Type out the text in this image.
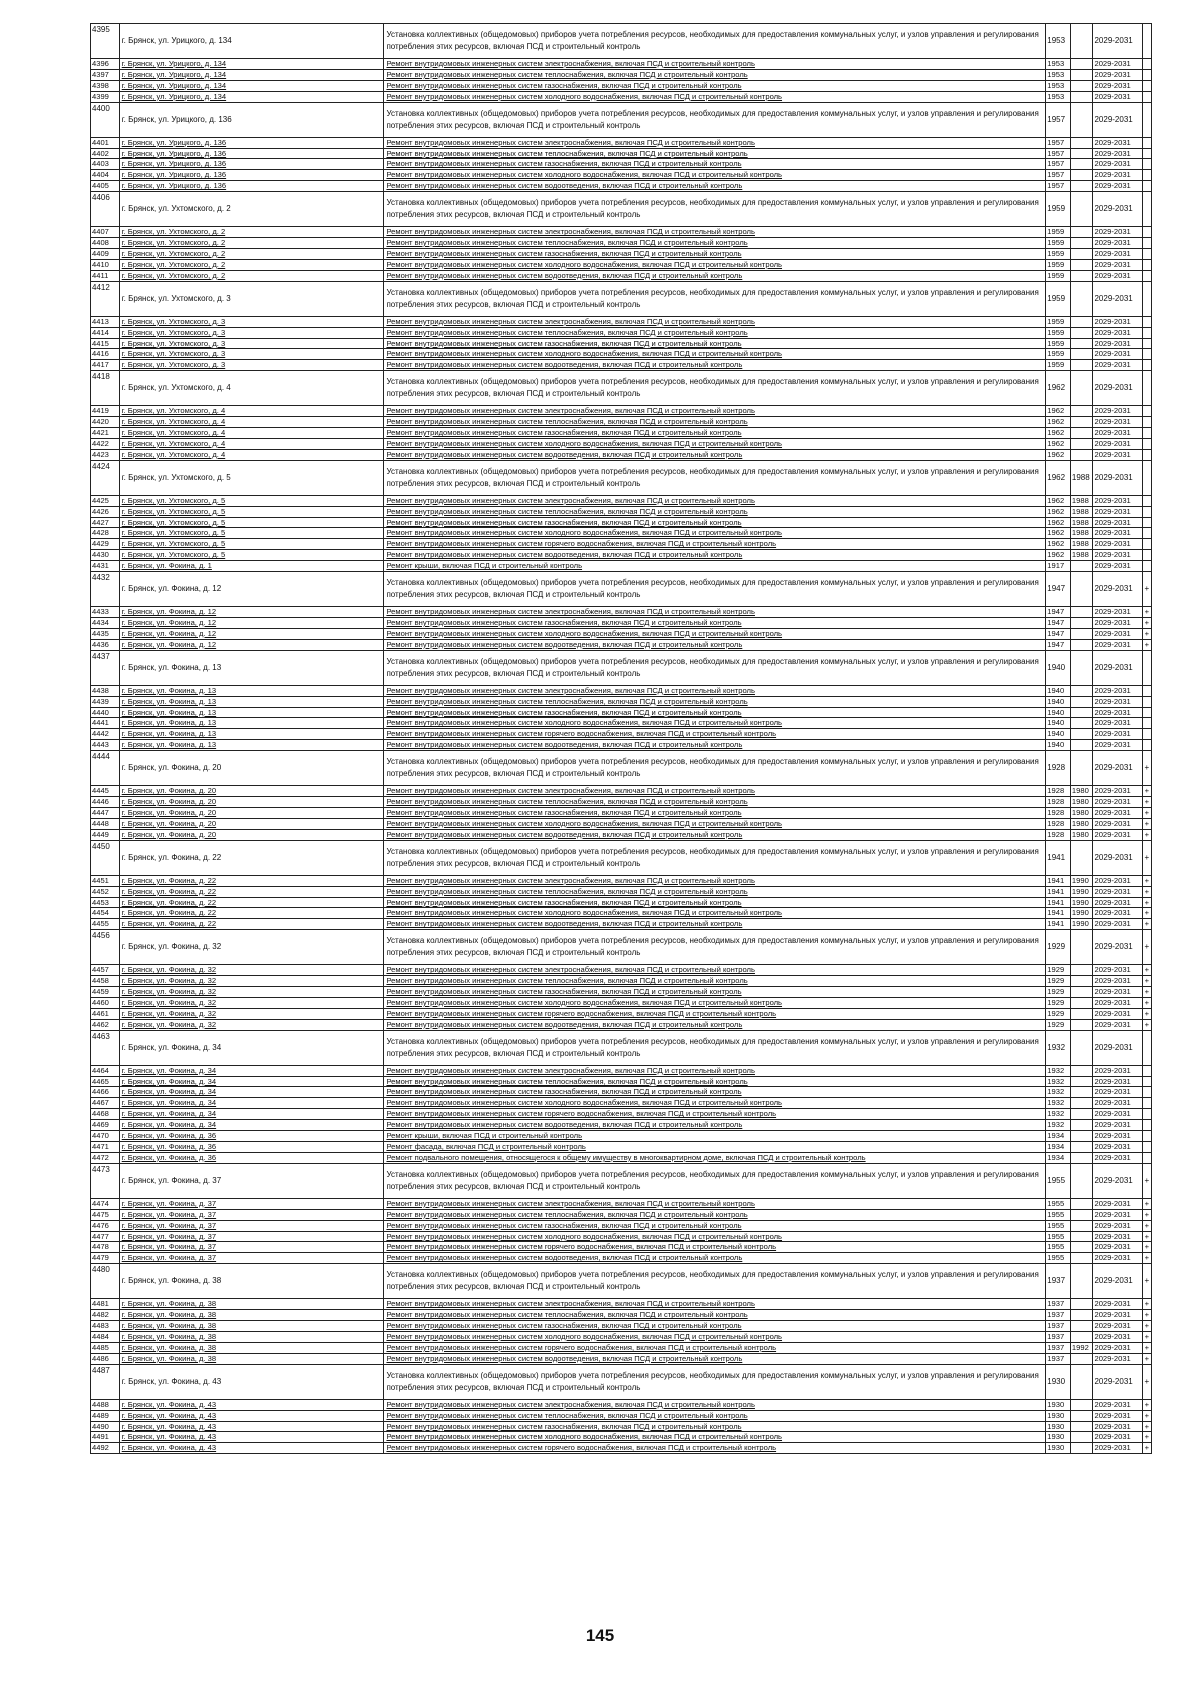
4395	г. Брянск, ул. Урицкого, д. 134	Установка коллективных (общедомовых) приборов учета потребления ресурсов, необходимых для предоставления коммунальных услуг, и узлов управления и регулирования потребления этих ресурсов, включая ПСД и строительный контроль	1953		2029-2031	
4396	г. Брянск, ул. Урицкого, д. 134	Ремонт внутридомовых инженерных систем электроснабжения, включая ПСД и строительный контроль	1953		2029-2031	
4397	г. Брянск, ул. Урицкого, д. 134	Ремонт внутридомовых инженерных систем теплоснабжения, включая ПСД и строительный контроль	1953		2029-2031	
4398	г. Брянск, ул. Урицкого, д. 134	Ремонт внутридомовых инженерных систем газоснабжения, включая ПСД и строительный контроль	1953		2029-2031	
4399	г. Брянск, ул. Урицкого, д. 134	Ремонт внутридомовых инженерных систем холодного водоснабжения, включая ПСД и строительный контроль	1953		2029-2031	
4400	г. Брянск, ул. Урицкого, д. 136	Установка коллективных (общедомовых) приборов учета потребления ресурсов, необходимых для предоставления коммунальных услуг, и узлов управления и регулирования потребления этих ресурсов, включая ПСД и строительный контроль	1957		2029-2031	
4401	г. Брянск, ул. Урицкого, д. 136	Ремонт внутридомовых инженерных систем электроснабжения, включая ПСД и строительный контроль	1957		2029-2031	
4402	г. Брянск, ул. Урицкого, д. 136	Ремонт внутридомовых инженерных систем теплоснабжения, включая ПСД и строительный контроль	1957		2029-2031	
4403	г. Брянск, ул. Урицкого, д. 136	Ремонт внутридомовых инженерных систем газоснабжения, включая ПСД и строительный контроль	1957		2029-2031	
4404	г. Брянск, ул. Урицкого, д. 136	Ремонт внутридомовых инженерных систем холодного водоснабжения, включая ПСД и строительный контроль	1957		2029-2031	
4405	г. Брянск, ул. Урицкого, д. 136	Ремонт внутридомовых инженерных систем водоотведения, включая ПСД и строительный контроль	1957		2029-2031	
4406	г. Брянск, ул. Ухтомского, д. 2	Установка коллективных (общедомовых) приборов учета потребления ресурсов, необходимых для предоставления коммунальных услуг, и узлов управления и регулирования потребления этих ресурсов, включая ПСД и строительный контроль	1959		2029-2031	
4407	г. Брянск, ул. Ухтомского, д. 2	Ремонт внутридомовых инженерных систем электроснабжения, включая ПСД и строительный контроль	1959		2029-2031	
4408	г. Брянск, ул. Ухтомского, д. 2	Ремонт внутридомовых инженерных систем теплоснабжения, включая ПСД и строительный контроль	1959		2029-2031	
4409	г. Брянск, ул. Ухтомского, д. 2	Ремонт внутридомовых инженерных систем газоснабжения, включая ПСД и строительный контроль	1959		2029-2031	
4410	г. Брянск, ул. Ухтомского, д. 2	Ремонт внутридомовых инженерных систем холодного водоснабжения, включая ПСД и строительный контроль	1959		2029-2031	
4411	г. Брянск, ул. Ухтомского, д. 2	Ремонт внутридомовых инженерных систем водоотведения, включая ПСД и строительный контроль	1959		2029-2031	
4412	г. Брянск, ул. Ухтомского, д. 3	Установка коллективных (общедомовых) приборов учета потребления ресурсов, необходимых для предоставления коммунальных услуг, и узлов управления и регулирования потребления этих ресурсов, включая ПСД и строительный контроль	1959		2029-2031	
4413	г. Брянск, ул. Ухтомского, д. 3	Ремонт внутридомовых инженерных систем электроснабжения, включая ПСД и строительный контроль	1959		2029-2031	
4414	г. Брянск, ул. Ухтомского, д. 3	Ремонт внутридомовых инженерных систем теплоснабжения, включая ПСД и строительный контроль	1959		2029-2031	
4415	г. Брянск, ул. Ухтомского, д. 3	Ремонт внутридомовых инженерных систем газоснабжения, включая ПСД и строительный контроль	1959		2029-2031	
4416	г. Брянск, ул. Ухтомского, д. 3	Ремонт внутридомовых инженерных систем холодного водоснабжения, включая ПСД и строительный контроль	1959		2029-2031	
4417	г. Брянск, ул. Ухтомского, д. 3	Ремонт внутридомовых инженерных систем водоотведения, включая ПСД и строительный контроль	1959		2029-2031	
4418	г. Брянск, ул. Ухтомского, д. 4	Установка коллективных (общедомовых) приборов учета потребления ресурсов, необходимых для предоставления коммунальных услуг, и узлов управления и регулирования потребления этих ресурсов, включая ПСД и строительный контроль	1962		2029-2031	
4419	г. Брянск, ул. Ухтомского, д. 4	Ремонт внутридомовых инженерных систем электроснабжения, включая ПСД и строительный контроль	1962		2029-2031	
4420	г. Брянск, ул. Ухтомского, д. 4	Ремонт внутридомовых инженерных систем теплоснабжения, включая ПСД и строительный контроль	1962		2029-2031	
4421	г. Брянск, ул. Ухтомского, д. 4	Ремонт внутридомовых инженерных систем газоснабжения, включая ПСД и строительный контроль	1962		2029-2031	
4422	г. Брянск, ул. Ухтомского, д. 4	Ремонт внутридомовых инженерных систем холодного водоснабжения, включая ПСД и строительный контроль	1962		2029-2031	
4423	г. Брянск, ул. Ухтомского, д. 4	Ремонт внутридомовых инженерных систем водоотведения, включая ПСД и строительный контроль	1962		2029-2031	
4424	г. Брянск, ул. Ухтомского, д. 5	Установка коллективных (общедомовых) приборов учета потребления ресурсов, необходимых для предоставления коммунальных услуг, и узлов управления и регулирования потребления этих ресурсов, включая ПСД и строительный контроль	1962	1988	2029-2031	
4425	г. Брянск, ул. Ухтомского, д. 5	Ремонт внутридомовых инженерных систем электроснабжения, включая ПСД и строительный контроль	1962	1988	2029-2031	
4426	г. Брянск, ул. Ухтомского, д. 5	Ремонт внутридомовых инженерных систем теплоснабжения, включая ПСД и строительный контроль	1962	1988	2029-2031	
4427	г. Брянск, ул. Ухтомского, д. 5	Ремонт внутридомовых инженерных систем газоснабжения, включая ПСД и строительный контроль	1962	1988	2029-2031	
4428	г. Брянск, ул. Ухтомского, д. 5	Ремонт внутридомовых инженерных систем холодного водоснабжения, включая ПСД и строительный контроль	1962	1988	2029-2031	
4429	г. Брянск, ул. Ухтомского, д. 5	Ремонт внутридомовых инженерных систем горячего водоснабжения, включая ПСД и строительный контроль	1962	1988	2029-2031	
4430	г. Брянск, ул. Ухтомского, д. 5	Ремонт внутридомовых инженерных систем водоотведения, включая ПСД и строительный контроль	1962	1988	2029-2031	
4431	г. Брянск, ул. Фокина, д. 1	Ремонт крыши, включая ПСД и строительный контроль	1917		2029-2031	
4432	г. Брянск, ул. Фокина, д. 12	Установка коллективных (общедомовых) приборов учета потребления ресурсов, необходимых для предоставления коммунальных услуг, и узлов управления и регулирования потребления этих ресурсов, включая ПСД и строительный контроль	1947		2029-2031	+
4433	г. Брянск, ул. Фокина, д. 12	Ремонт внутридомовых инженерных систем электроснабжения, включая ПСД и строительный контроль	1947		2029-2031	+
4434	г. Брянск, ул. Фокина, д. 12	Ремонт внутридомовых инженерных систем газоснабжения, включая ПСД и строительный контроль	1947		2029-2031	+
4435	г. Брянск, ул. Фокина, д. 12	Ремонт внутридомовых инженерных систем холодного водоснабжения, включая ПСД и строительный контроль	1947		2029-2031	+
4436	г. Брянск, ул. Фокина, д. 12	Ремонт внутридомовых инженерных систем водоотведения, включая ПСД и строительный контроль	1947		2029-2031	+
4437	г. Брянск, ул. Фокина, д. 13	Установка коллективных (общедомовых) приборов учета потребления ресурсов, необходимых для предоставления коммунальных услуг, и узлов управления и регулирования потребления этих ресурсов, включая ПСД и строительный контроль	1940		2029-2031	
4438	г. Брянск, ул. Фокина, д. 13	Ремонт внутридомовых инженерных систем электроснабжения, включая ПСД и строительный контроль	1940		2029-2031	
4439	г. Брянск, ул. Фокина, д. 13	Ремонт внутридомовых инженерных систем теплоснабжения, включая ПСД и строительный контроль	1940		2029-2031	
4440	г. Брянск, ул. Фокина, д. 13	Ремонт внутридомовых инженерных систем газоснабжения, включая ПСД и строительный контроль	1940		2029-2031	
4441	г. Брянск, ул. Фокина, д. 13	Ремонт внутридомовых инженерных систем холодного водоснабжения, включая ПСД и строительный контроль	1940		2029-2031	
4442	г. Брянск, ул. Фокина, д. 13	Ремонт внутридомовых инженерных систем горячего водоснабжения, включая ПСД и строительный контроль	1940		2029-2031	
4443	г. Брянск, ул. Фокина, д. 13	Ремонт внутридомовых инженерных систем водоотведения, включая ПСД и строительный контроль	1940		2029-2031	
4444	г. Брянск, ул. Фокина, д. 20	Установка коллективных (общедомовых) приборов учета потребления ресурсов, необходимых для предоставления коммунальных услуг, и узлов управления и регулирования потребления этих ресурсов, включая ПСД и строительный контроль	1928		2029-2031	+
4445	г. Брянск, ул. Фокина, д. 20	Ремонт внутридомовых инженерных систем электроснабжения, включая ПСД и строительный контроль	1928	1980	2029-2031	+
4446	г. Брянск, ул. Фокина, д. 20	Ремонт внутридомовых инженерных систем теплоснабжения, включая ПСД и строительный контроль	1928	1980	2029-2031	+
4447	г. Брянск, ул. Фокина, д. 20	Ремонт внутридомовых инженерных систем газоснабжения, включая ПСД и строительный контроль	1928	1980	2029-2031	+
4448	г. Брянск, ул. Фокина, д. 20	Ремонт внутридомовых инженерных систем холодного водоснабжения, включая ПСД и строительный контроль	1928	1980	2029-2031	+
4449	г. Брянск, ул. Фокина, д. 20	Ремонт внутридомовых инженерных систем водоотведения, включая ПСД и строительный контроль	1928	1980	2029-2031	+
4450	г. Брянск, ул. Фокина, д. 22	Установка коллективных (общедомовых) приборов учета потребления ресурсов, необходимых для предоставления коммунальных услуг, и узлов управления и регулирования потребления этих ресурсов, включая ПСД и строительный контроль	1941		2029-2031	+
4451	г. Брянск, ул. Фокина, д. 22	Ремонт внутридомовых инженерных систем электроснабжения, включая ПСД и строительный контроль	1941	1990	2029-2031	+
4452	г. Брянск, ул. Фокина, д. 22	Ремонт внутридомовых инженерных систем теплоснабжения, включая ПСД и строительный контроль	1941	1990	2029-2031	+
4453	г. Брянск, ул. Фокина, д. 22	Ремонт внутридомовых инженерных систем газоснабжения, включая ПСД и строительный контроль	1941	1990	2029-2031	+
4454	г. Брянск, ул. Фокина, д. 22	Ремонт внутридомовых инженерных систем холодного водоснабжения, включая ПСД и строительный контроль	1941	1990	2029-2031	+
4455	г. Брянск, ул. Фокина, д. 22	Ремонт внутридомовых инженерных систем водоотведения, включая ПСД и строительный контроль	1941	1990	2029-2031	+
4456	г. Брянск, ул. Фокина, д. 32	Установка коллективных (общедомовых) приборов учета потребления ресурсов, необходимых для предоставления коммунальных услуг, и узлов управления и регулирования потребления этих ресурсов, включая ПСД и строительный контроль	1929		2029-2031	+
4457	г. Брянск, ул. Фокина, д. 32	Ремонт внутридомовых инженерных систем электроснабжения, включая ПСД и строительный контроль	1929		2029-2031	+
4458	г. Брянск, ул. Фокина, д. 32	Ремонт внутридомовых инженерных систем теплоснабжения, включая ПСД и строительный контроль	1929		2029-2031	+
4459	г. Брянск, ул. Фокина, д. 32	Ремонт внутридомовых инженерных систем газоснабжения, включая ПСД и строительный контроль	1929		2029-2031	+
4460	г. Брянск, ул. Фокина, д. 32	Ремонт внутридомовых инженерных систем холодного водоснабжения, включая ПСД и строительный контроль	1929		2029-2031	+
4461	г. Брянск, ул. Фокина, д. 32	Ремонт внутридомовых инженерных систем горячего водоснабжения, включая ПСД и строительный контроль	1929		2029-2031	+
4462	г. Брянск, ул. Фокина, д. 32	Ремонт внутридомовых инженерных систем водоотведения, включая ПСД и строительный контроль	1929		2029-2031	+
4463	г. Брянск, ул. Фокина, д. 34	Установка коллективных (общедомовых) приборов учета потребления ресурсов, необходимых для предоставления коммунальных услуг, и узлов управления и регулирования потребления этих ресурсов, включая ПСД и строительный контроль	1932		2029-2031	
4464	г. Брянск, ул. Фокина, д. 34	Ремонт внутридомовых инженерных систем электроснабжения, включая ПСД и строительный контроль	1932		2029-2031	
4465	г. Брянск, ул. Фокина, д. 34	Ремонт внутридомовых инженерных систем теплоснабжения, включая ПСД и строительный контроль	1932		2029-2031	
4466	г. Брянск, ул. Фокина, д. 34	Ремонт внутридомовых инженерных систем газоснабжения, включая ПСД и строительный контроль	1932		2029-2031	
4467	г. Брянск, ул. Фокина, д. 34	Ремонт внутридомовых инженерных систем холодного водоснабжения, включая ПСД и строительный контроль	1932		2029-2031	
4468	г. Брянск, ул. Фокина, д. 34	Ремонт внутридомовых инженерных систем горячего водоснабжения, включая ПСД и строительный контроль	1932		2029-2031	
4469	г. Брянск, ул. Фокина, д. 34	Ремонт внутридомовых инженерных систем водоотведения, включая ПСД и строительный контроль	1932		2029-2031	
4470	г. Брянск, ул. Фокина, д. 36	Ремонт крыши, включая ПСД и строительный контроль	1934		2029-2031	
4471	г. Брянск, ул. Фокина, д. 36	Ремонт фасада, включая ПСД и строительный контроль	1934		2029-2031	
4472	г. Брянск, ул. Фокина, д. 36	Ремонт подвального помещения, относящегося к общему имуществу в многоквартирном доме, включая ПСД и строительный контроль	1934		2029-2031	
4473	г. Брянск, ул. Фокина, д. 37	Установка коллективных (общедомовых) приборов учета потребления ресурсов, необходимых для предоставления коммунальных услуг, и узлов управления и регулирования потребления этих ресурсов, включая ПСД и строительный контроль	1955		2029-2031	+
4474	г. Брянск, ул. Фокина, д. 37	Ремонт внутридомовых инженерных систем электроснабжения, включая ПСД и строительный контроль	1955		2029-2031	+
4475	г. Брянск, ул. Фокина, д. 37	Ремонт внутридомовых инженерных систем теплоснабжения, включая ПСД и строительный контроль	1955		2029-2031	+
4476	г. Брянск, ул. Фокина, д. 37	Ремонт внутридомовых инженерных систем газоснабжения, включая ПСД и строительный контроль	1955		2029-2031	+
4477	г. Брянск, ул. Фокина, д. 37	Ремонт внутридомовых инженерных систем холодного водоснабжения, включая ПСД и строительный контроль	1955		2029-2031	+
4478	г. Брянск, ул. Фокина, д. 37	Ремонт внутридомовых инженерных систем горячего водоснабжения, включая ПСД и строительный контроль	1955		2029-2031	+
4479	г. Брянск, ул. Фокина, д. 37	Ремонт внутридомовых инженерных систем водоотведения, включая ПСД и строительный контроль	1955		2029-2031	+
4480	г. Брянск, ул. Фокина, д. 38	Установка коллективных (общедомовых) приборов учета потребления ресурсов, необходимых для предоставления коммунальных услуг, и узлов управления и регулирования потребления этих ресурсов, включая ПСД и строительный контроль	1937		2029-2031	+
4481	г. Брянск, ул. Фокина, д. 38	Ремонт внутридомовых инженерных систем электроснабжения, включая ПСД и строительный контроль	1937		2029-2031	+
4482	г. Брянск, ул. Фокина, д. 38	Ремонт внутридомовых инженерных систем теплоснабжения, включая ПСД и строительный контроль	1937		2029-2031	+
4483	г. Брянск, ул. Фокина, д. 38	Ремонт внутридомовых инженерных систем газоснабжения, включая ПСД и строительный контроль	1937		2029-2031	+
4484	г. Брянск, ул. Фокина, д. 38	Ремонт внутридомовых инженерных систем холодного водоснабжения, включая ПСД и строительный контроль	1937		2029-2031	+
4485	г. Брянск, ул. Фокина, д. 38	Ремонт внутридомовых инженерных систем горячего водоснабжения, включая ПСД и строительный контроль	1937	1992	2029-2031	+
4486	г. Брянск, ул. Фокина, д. 38	Ремонт внутридомовых инженерных систем водоотведения, включая ПСД и строительный контроль	1937		2029-2031	+
4487	г. Брянск, ул. Фокина, д. 43	Установка коллективных (общедомовых) приборов учета потребления ресурсов, необходимых для предоставления коммунальных услуг, и узлов управления и регулирования потребления этих ресурсов, включая ПСД и строительный контроль	1930		2029-2031	+
4488	г. Брянск, ул. Фокина, д. 43	Ремонт внутридомовых инженерных систем электроснабжения, включая ПСД и строительный контроль	1930		2029-2031	+
4489	г. Брянск, ул. Фокина, д. 43	Ремонт внутридомовых инженерных систем теплоснабжения, включая ПСД и строительный контроль	1930		2029-2031	+
4490	г. Брянск, ул. Фокина, д. 43	Ремонт внутридомовых инженерных систем газоснабжения, включая ПСД и строительный контроль	1930		2029-2031	+
4491	г. Брянск, ул. Фокина, д. 43	Ремонт внутридомовых инженерных систем холодного водоснабжения, включая ПСД и строительный контроль	1930		2029-2031	+
4492	г. Брянск, ул. Фокина, д. 43	Ремонт внутридомовых инженерных систем горячего водоснабжения, включая ПСД и строительный контроль	1930		2029-2031	+
145
